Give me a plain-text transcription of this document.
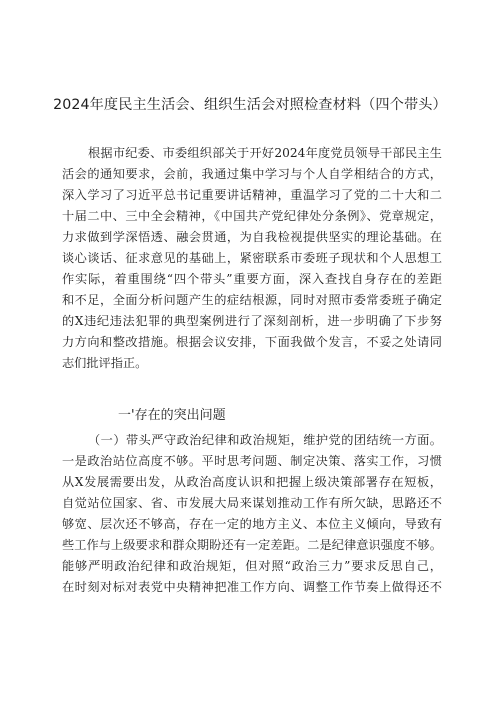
2024年度民主生活会、组织生活会对照检查材料（四个带头）
根据市纪委、市委组织部关于开好2024年度党员领导干部民主生
活会的通知要求，会前，我通过集中学习与个人自学相结合的方式，
深入学习了习近平总书记重要讲话精神，重温学习了党的二十大和二
十届二中、三中全会精神，《中国共产党纪律处分条例》、党章规定，
力求做到学深悟透、融会贯通，为自我检视提供坚实的理论基础。在
谈心谈话、征求意见的基础上，紧密联系市委班子现状和个人思想工
作实际，着重围绕“四个带头”重要方面，深入查找自身存在的差距
和不足，全面分析问题产生的症结根源，同时对照市委常委班子确定
的X违纪违法犯罪的典型案例进行了深刻剖析，进一步明确了下步努
力方向和整改措施。根据会议安排，下面我做个发言，不妥之处请同
志们批评指正。
一'存在的突出问题
（一）带头严守政治纪律和政治规矩，维护党的团结统一方面。
一是政治站位高度不够。平时思考问题、制定决策、落实工作，习惯
从X发展需要出发，从政治高度认识和把握上级决策部署存在短板，
自觉站位国家、省、市发展大局来谋划推动工作有所欠缺，思路还不
够宽、层次还不够高，存在一定的地方主义、本位主义倾向，导致有
些工作与上级要求和群众期盼还有一定差距。二是纪律意识强度不够。
能够严明政治纪律和政治规矩，但对照“政治三力”要求反思自己，
在时刻对标对表党中央精神把准工作方向、调整工作节奏上做得还不
